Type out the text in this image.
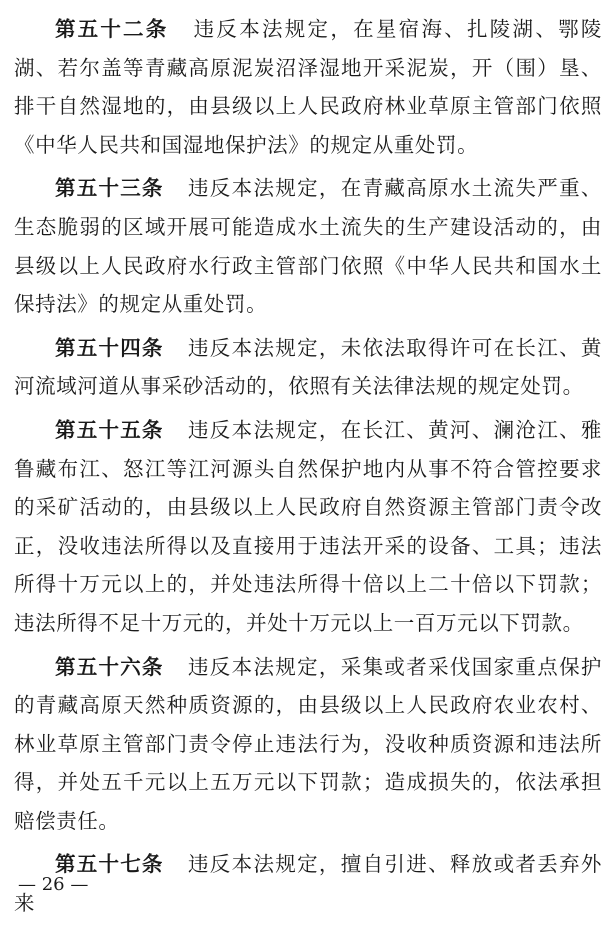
第五十二条 违反本法规定，在星宿海、扎陵湖、鄂陵湖、若尔盖等青藏高原泥炭沼泽湿地开采泥炭，开（围）垦、排干自然湿地的，由县级以上人民政府林业草原主管部门依照《中华人民共和国湿地保护法》的规定从重处罚。

第五十三条 违反本法规定，在青藏高原水土流失严重、生态脆弱的区域开展可能造成水土流失的生产建设活动的，由县级以上人民政府水行政主管部门依照《中华人民共和国水土保持法》的规定从重处罚。

第五十四条 违反本法规定，未依法取得许可在长江、黄河流域河道从事采砂活动的，依照有关法律法规的规定处罚。

第五十五条 违反本法规定，在长江、黄河、澜沧江、雅鲁藏布江、怒江等江河源头自然保护地内从事不符合管控要求的采矿活动的，由县级以上人民政府自然资源主管部门责令改正，没收违法所得以及直接用于违法开采的设备、工具；违法所得十万元以上的，并处违法所得十倍以上二十倍以下罚款；违法所得不足十万元的，并处十万元以上一百万元以下罚款。

第五十六条 违反本法规定，采集或者采伐国家重点保护的青藏高原天然种质资源的，由县级以上人民政府农业农村、林业草原主管部门责令停止违法行为，没收种质资源和违法所得，并处五千元以上五万元以下罚款；造成损失的，依法承担赔偿责任。

第五十七条 违反本法规定，擅自引进、释放或者丢弃外来

— 26 —
